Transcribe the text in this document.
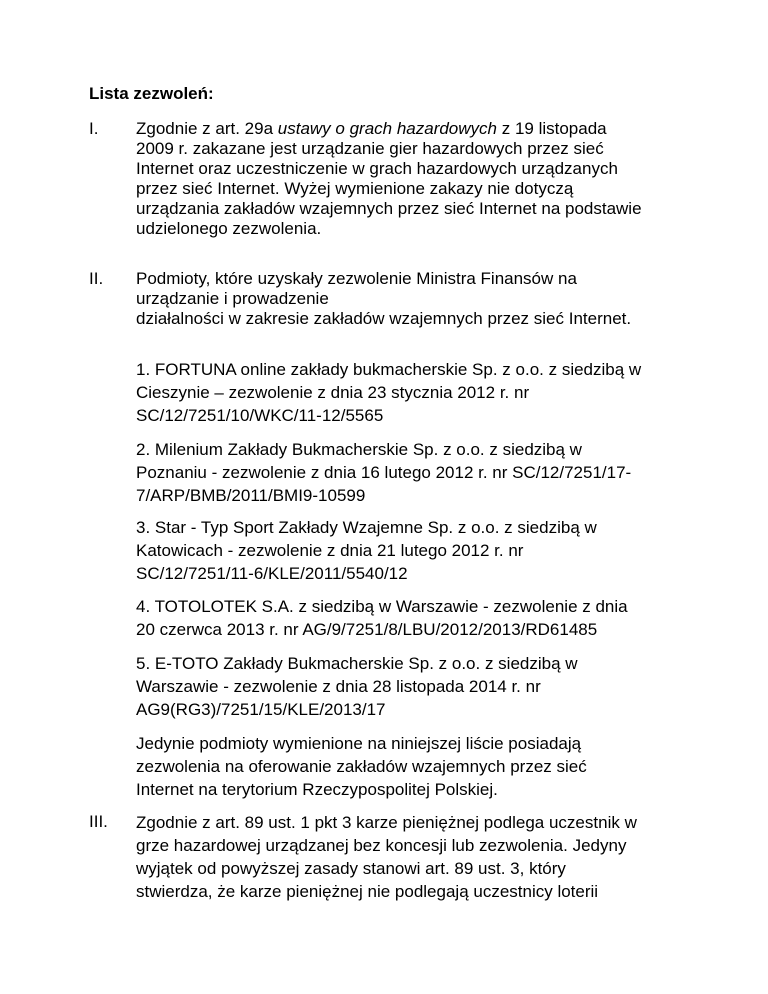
Lista zezwoleń:
I. Zgodnie z art. 29a ustawy o grach hazardowych z 19 listopada
2009 r. zakazane jest urządzanie gier hazardowych przez sieć
Internet oraz uczestniczenie w grach hazardowych urządzanych
przez sieć Internet. Wyżej wymienione zakazy nie dotyczą
urządzania zakładów wzajemnych przez sieć Internet na podstawie
udzielonego zezwolenia.

II. Podmioty, które uzyskały zezwolenie Ministra Finansów na
urządzanie i prowadzenie
działalności w zakresie zakładów wzajemnych przez sieć Internet.

1. FORTUNA online zakłady bukmacherskie Sp. z o.o. z siedzibą w
Cieszynie – zezwolenie z dnia 23 stycznia 2012 r. nr
SC/12/7251/10/WKC/11-12/5565
2. Milenium Zakłady Bukmacherskie Sp. z o.o. z siedzibą w
Poznaniu - zezwolenie z dnia 16 lutego 2012 r. nr SC/12/7251/17-
7/ARP/BMB/2011/BMI9-10599
3. Star - Typ Sport Zakłady Wzajemne Sp. z o.o. z siedzibą w
Katowicach - zezwolenie z dnia 21 lutego 2012 r. nr
SC/12/7251/11-6/KLE/2011/5540/12
4. TOTOLOTEK S.A. z siedzibą w Warszawie - zezwolenie z dnia
20 czerwca 2013 r. nr AG/9/7251/8/LBU/2012/2013/RD61485
5. E-TOTO Zakłady Bukmacherskie Sp. z o.o. z siedzibą w
Warszawie - zezwolenie z dnia 28 listopada 2014 r. nr
AG9(RG3)/7251/15/KLE/2013/17
Jedynie podmioty wymienione na niniejszej liście posiadają
zezwolenia na oferowanie zakładów wzajemnych przez sieć
Internet na terytorium Rzeczypospolitej Polskiej.
III. Zgodnie z art. 89 ust. 1 pkt 3 karze pieniężnej podlega uczestnik w
grze hazardowej urządzanej bez koncesji lub zezwolenia. Jedyny
wyjątek od powyższej zasady stanowi art. 89 ust. 3, który
stwierdza, że karze pieniężnej nie podlegają uczestnicy loterii
